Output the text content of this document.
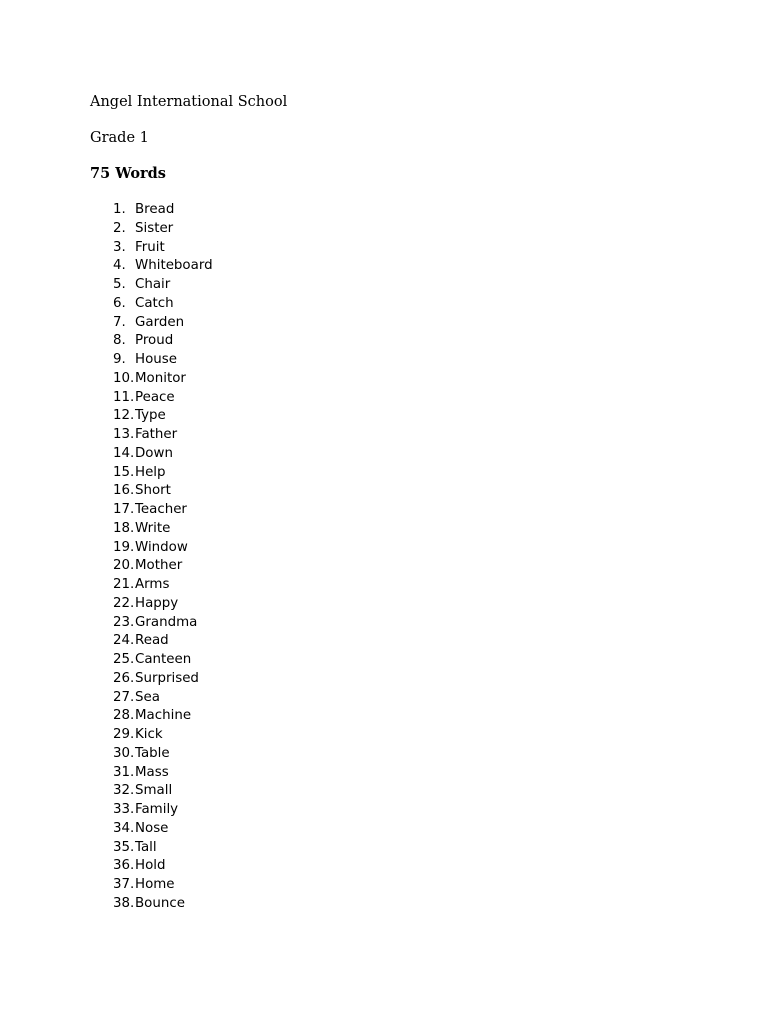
Angel International School
Grade 1
75 Words
1. Bread
2. Sister
3. Fruit
4. Whiteboard
5. Chair
6. Catch
7. Garden
8. Proud
9. House
10. Monitor
11. Peace
12. Type
13. Father
14. Down
15. Help
16. Short
17. Teacher
18. Write
19. Window
20. Mother
21. Arms
22. Happy
23. Grandma
24. Read
25. Canteen
26. Surprised
27. Sea
28. Machine
29. Kick
30. Table
31. Mass
32. Small
33. Family
34. Nose
35. Tall
36. Hold
37. Home
38. Bounce
